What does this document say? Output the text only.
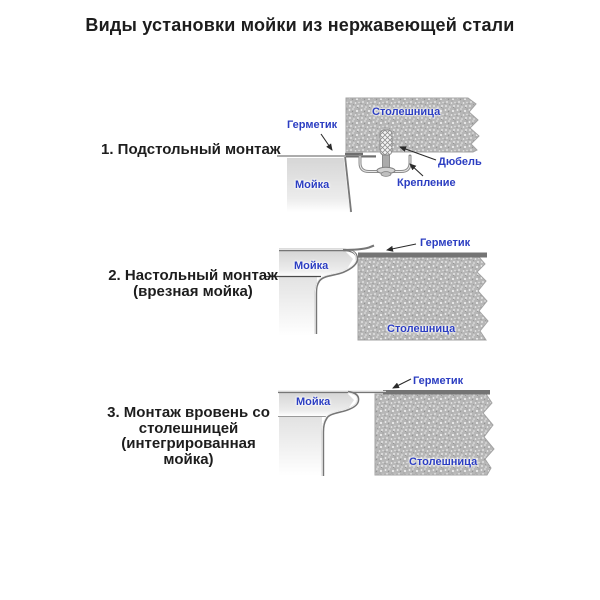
Виды установки мойки из нержавеющей стали
1. Подстольный монтаж
2. Настольный монтаж
(врезная мойка)
3. Монтаж вровень со
столешницей
(интегрированная мойка)
Герметик
Столешница
Мойка
Дюбель
Крепление
Герметик
Мойка
Столешница
Герметик
Мойка
Столешница
